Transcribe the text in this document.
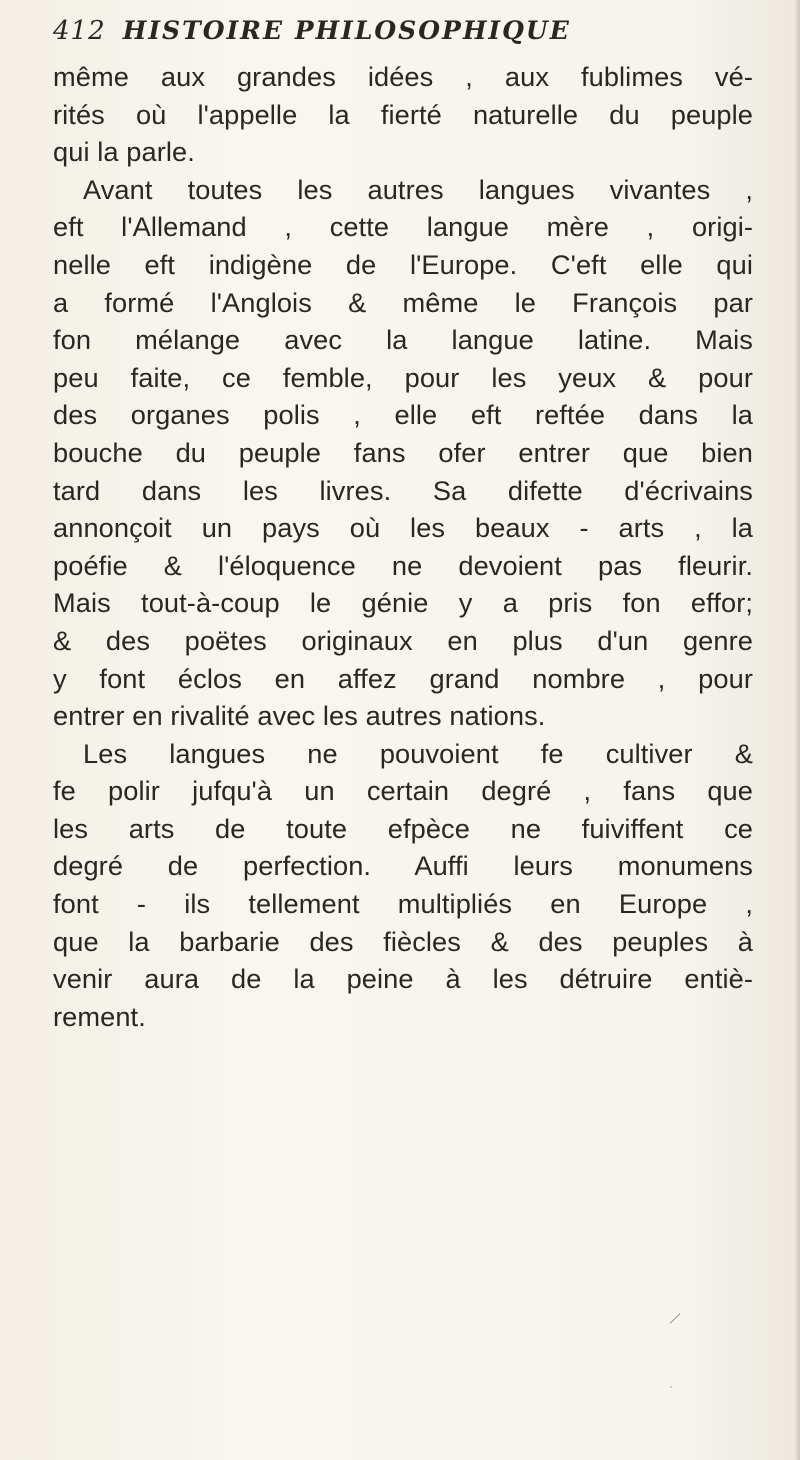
412 HISTOIRE PHILOSOPHIQUE
même aux grandes idées , aux fublimes vé-
rités où l'appelle la fierté naturelle du peuple
qui la parle.
Avant toutes les autres langues vivantes ,
eft l'Allemand , cette langue mère , origi-
nelle eft indigène de l'Europe. C'eft elle qui
a formé l'Anglois & même le François par
fon mélange avec la langue latine. Mais
peu faite, ce femble, pour les yeux & pour
des organes polis , elle eft reftée dans la
bouche du peuple fans ofer entrer que bien
tard dans les livres. Sa difette d'écrivains
annonçoit un pays où les beaux - arts , la
poéfie & l'éloquence ne devoient pas fleurir.
Mais tout-à-coup le génie y a pris fon effor;
& des poëtes originaux en plus d'un genre
y font éclos en affez grand nombre , pour
entrer en rivalité avec les autres nations.
Les langues ne pouvoient fe cultiver &
fe polir jufqu'à un certain degré , fans que
les arts de toute efpèce ne fuiviffent ce
degré de perfection. Auffi leurs monumens
font - ils tellement multipliés en Europe ,
que la barbarie des fiècles & des peuples à
venir aura de la peine à les détruire entiè-
rement.
